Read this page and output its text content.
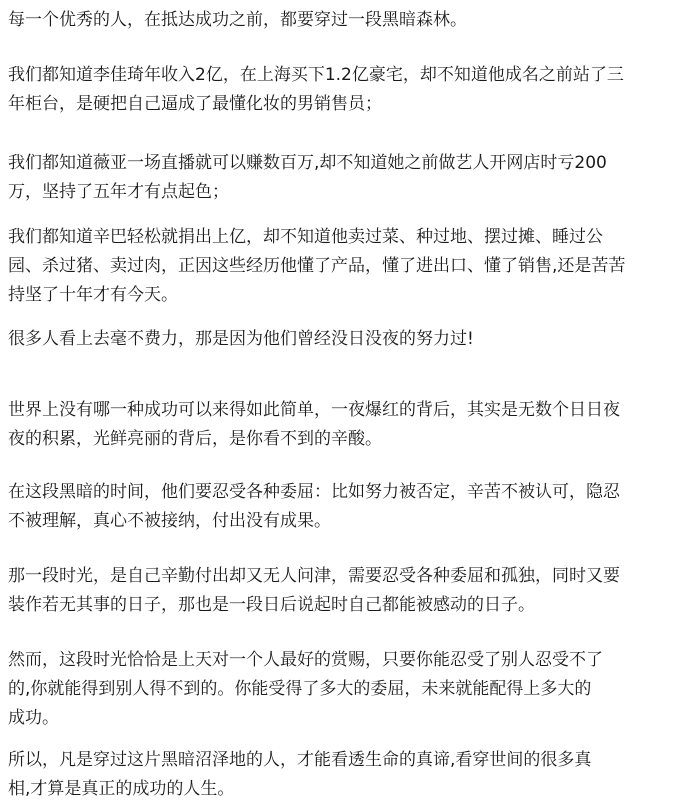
每一个优秀的人，在抵达成功之前，都要穿过一段黑暗森林。
我们都知道李佳琦年收入2亿，在上海买下1.2亿豪宅，却不知道他成名之前站了三
年柜台，是硬把自己逼成了最懂化妆的男销售员；
我们都知道薇亚一场直播就可以赚数百万,却不知道她之前做艺人开网店时亏200
万，坚持了五年才有点起色；
我们都知道辛巴轻松就捐出上亿，却不知道他卖过菜、种过地、摆过摊、睡过公
园、杀过猪、卖过肉，正因这些经历他懂了产品，懂了进出口、懂了销售,还是苦苦
持坚了十年才有今天。
很多人看上去毫不费力，那是因为他们曾经没日没夜的努力过!
世界上没有哪一种成功可以来得如此简单，一夜爆红的背后，其实是无数个日日夜
夜的积累，光鲜亮丽的背后，是你看不到的辛酸。
在这段黑暗的时间，他们要忍受各种委屈：比如努力被否定，辛苦不被认可，隐忍
不被理解，真心不被接纳，付出没有成果。
那一段时光，是自己辛勤付出却又无人问津，需要忍受各种委屈和孤独，同时又要
装作若无其事的日子，那也是一段日后说起时自己都能被感动的日子。
然而，这段时光恰恰是上天对一个人最好的赏赐，只要你能忍受了别人忍受不了
的,你就能得到别人得不到的。你能受得了多大的委屈，未来就能配得上多大的
成功。
所以，凡是穿过这片黑暗沼泽地的人，才能看透生命的真谛,看穿世间的很多真
相,才算是真正的成功的人生。
